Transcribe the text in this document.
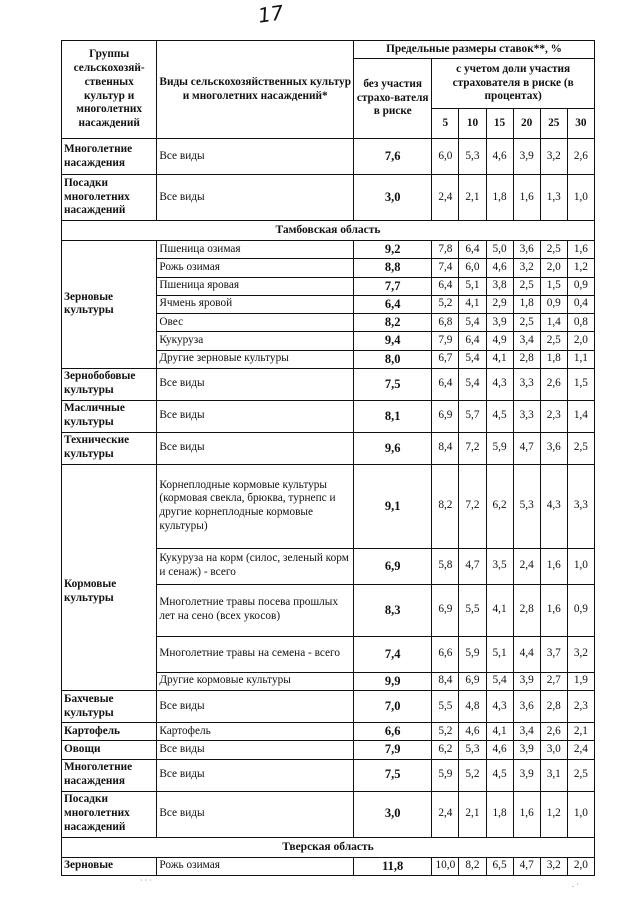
17
Группы сельскохозяй-ственных культур и многолетних насаждений	Виды сельскохозяйственных культур и многолетних насаждений*	Предельные размеры ставок**, %						
		без участия страхо-вателя в риске	с учетом доли участия страхователя в риске (в процентах)					
			5	10	15	20	25	30
Многолетние насаждения	Все виды	7,6	6,0	5,3	4,6	3,9	3,2	2,6
Посадки многолетних насаждений	Все виды	3,0	2,4	2,1	1,8	1,6	1,3	1,0
Тамбовская область								
Зерновые культуры	Пшеница озимая	9,2	7,8	6,4	5,0	3,6	2,5	1,6
	Рожь озимая	8,8	7,4	6,0	4,6	3,2	2,0	1,2
	Пшеница яровая	7,7	6,4	5,1	3,8	2,5	1,5	0,9
	Ячмень яровой	6,4	5,2	4,1	2,9	1,8	0,9	0,4
	Овес	8,2	6,8	5,4	3,9	2,5	1,4	0,8
	Кукуруза	9,4	7,9	6,4	4,9	3,4	2,5	2,0
	Другие зерновые культуры	8,0	6,7	5,4	4,1	2,8	1,8	1,1
Зернобобовые культуры	Все виды	7,5	6,4	5,4	4,3	3,3	2,6	1,5
Масличные культуры	Все виды	8,1	6,9	5,7	4,5	3,3	2,3	1,4
Технические культуры	Все виды	9,6	8,4	7,2	5,9	4,7	3,6	2,5
Кормовые культуры	Корнеплодные кормовые культуры (кормовая свекла, брюква, турнепс и другие корнеплодные кормовые культуры)	9,1	8,2	7,2	6,2	5,3	4,3	3,3
	Кукуруза на корм (силос, зеленый корм и сенаж) - всего	6,9	5,8	4,7	3,5	2,4	1,6	1,0
	Многолетние травы посева прошлых лет на сено (всех укосов)	8,3	6,9	5,5	4,1	2,8	1,6	0,9
	Многолетние травы на семена - всего	7,4	6,6	5,9	5,1	4,4	3,7	3,2
	Другие кормовые культуры	9,9	8,4	6,9	5,4	3,9	2,7	1,9
Бахчевые культуры	Все виды	7,0	5,5	4,8	4,3	3,6	2,8	2,3
Картофель	Картофель	6,6	5,2	4,6	4,1	3,4	2,6	2,1
Овощи	Все виды	7,9	6,2	5,3	4,6	3,9	3,0	2,4
Многолетние насаждения	Все виды	7,5	5,9	5,2	4,5	3,9	3,1	2,5
Посадки многолетних насаждений	Все виды	3,0	2,4	2,1	1,8	1,6	1,2	1,0
Тверская область								
Зерновые	Рожь озимая	11,8	10,0	8,2	6,5	4,7	3,2	2,0
· · ·	. ·
